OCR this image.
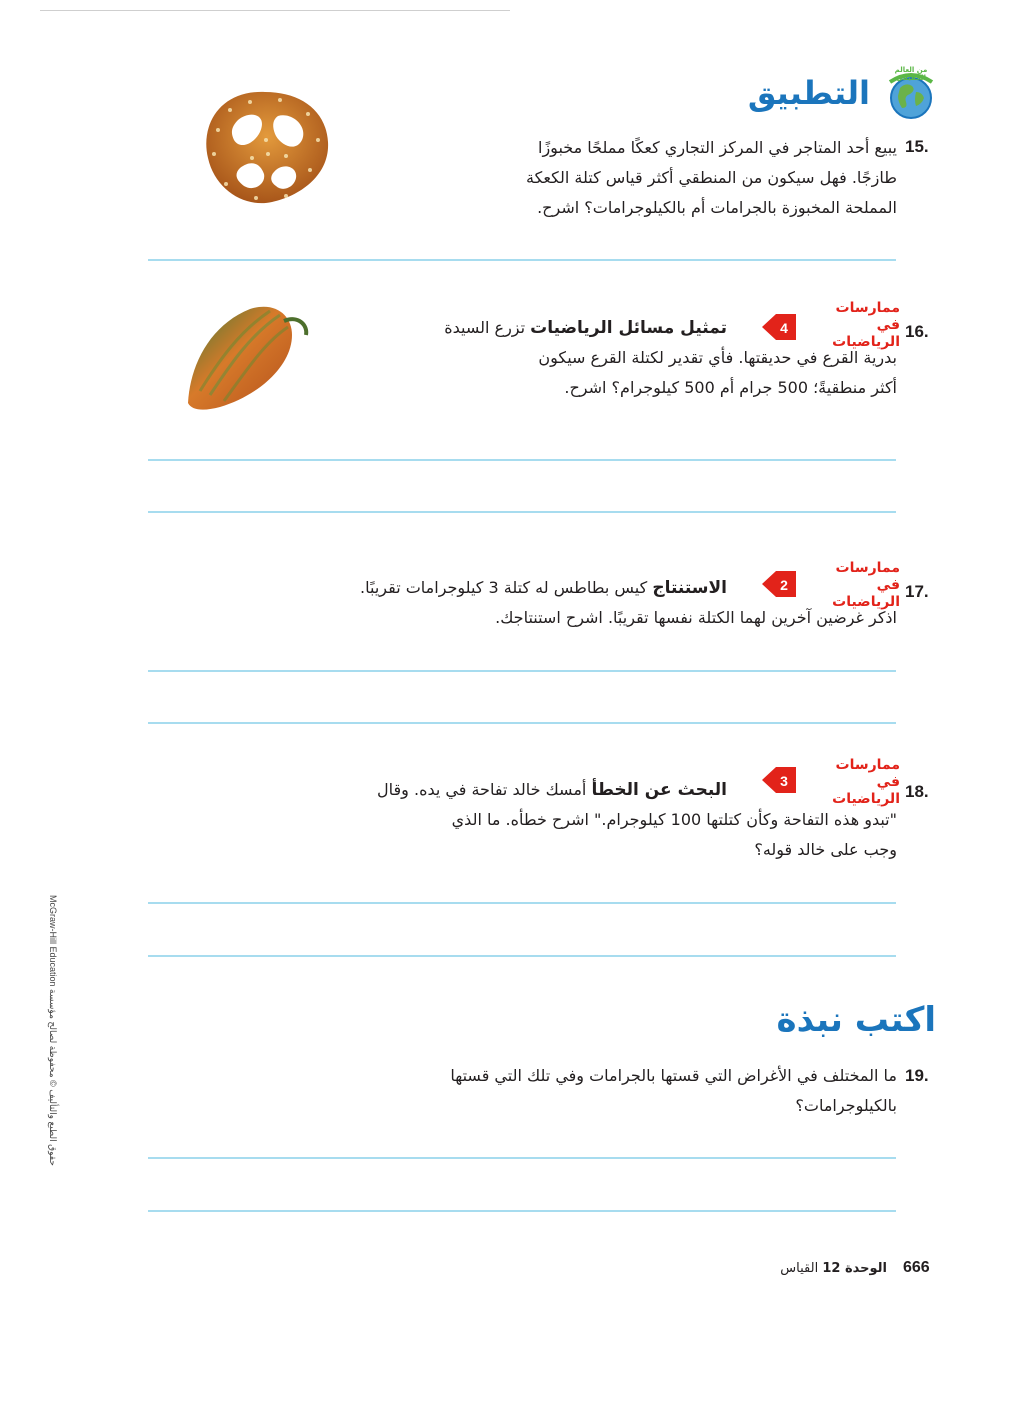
McGraw-Hill Education حقوق الطبع والتأليف © محفوظة لصالح مؤسسة
من العالم الحقيقي
التطبيق
15.
يبيع أحد المتاجر في المركز التجاري كعكًا مملحًا مخبوزًا
طازجًا. فهل سيكون من المنطقي أكثر قياس كتلة الكعكة
المملحة المخبوزة بالجرامات أم بالكيلوجرامات؟ اشرح.
16.
ممارسات في
الرياضيات
4
تمثيل مسائل الرياضيات تزرع السيدة
بدرية القرع في حديقتها. فأي تقدير لكتلة القرع سيكون
أكثر منطقيةً؛ 500 جرام أم 500 كيلوجرام؟ اشرح.
17.
ممارسات في
الرياضيات
2
الاستنتاج كيس بطاطس له كتلة 3 كيلوجرامات تقريبًا.
اذكر غرضين آخرين لهما الكتلة نفسها تقريبًا. اشرح استنتاجك.
18.
ممارسات في
الرياضيات
3
البحث عن الخطأ أمسك خالد تفاحة في يده. وقال
"تبدو هذه التفاحة وكأن كتلتها 100 كيلوجرام." اشرح خطأه. ما الذي
وجب على خالد قوله؟
اكتب نبذة
19.
ما المختلف في الأغراض التي قستها بالجرامات وفي تلك التي قستها
بالكيلوجرامات؟
666
الوحدة 12 القياس
